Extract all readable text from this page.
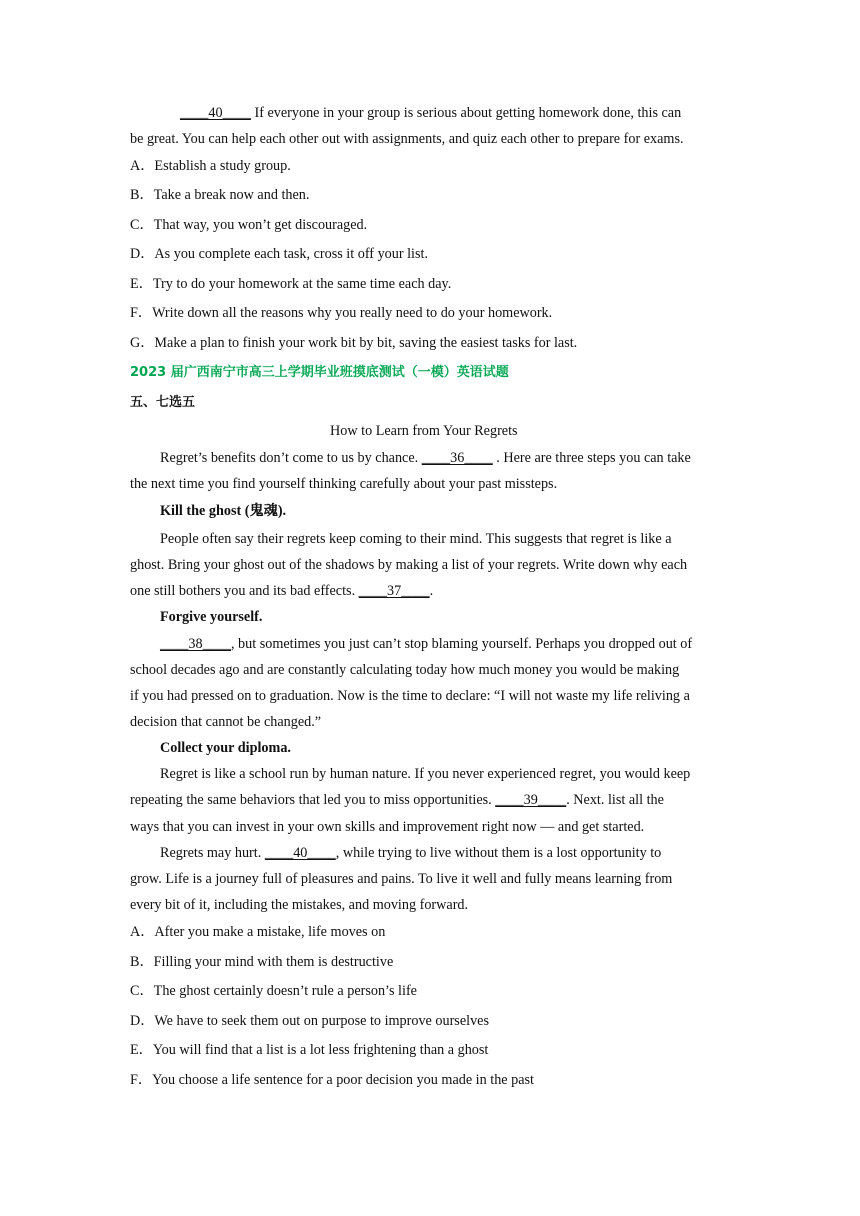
____40____ If everyone in your group is serious about getting homework done, this can
be great. You can help each other out with assignments, and quiz each other to prepare for exams.
A．Establish a study group.
B．Take a break now and then.
C．That way, you won’t get discouraged.
D．As you complete each task, cross it off your list.
E．Try to do your homework at the same time each day.
F．Write down all the reasons why you really need to do your homework.
G．Make a plan to finish your work bit by bit, saving the easiest tasks for last.
2023 届广西南宁市高三上学期毕业班摸底测试（一模）英语试题
五、七选五
How to Learn from Your Regrets
Regret’s benefits don’t come to us by chance. ____36____ . Here are three steps you can take
the next time you find yourself thinking carefully about your past missteps.
Kill the ghost (鬼魂).
People often say their regrets keep coming to their mind. This suggests that regret is like a
ghost. Bring your ghost out of the shadows by making a list of your regrets. Write down why each
one still bothers you and its bad effects. ____37____.
Forgive yourself.
____38____, but sometimes you just can’t stop blaming yourself. Perhaps you dropped out of
school decades ago and are constantly calculating today how much money you would be making
if you had pressed on to graduation. Now is the time to declare: “I will not waste my life reliving a
decision that cannot be changed.”
Collect your diploma.
Regret is like a school run by human nature. If you never experienced regret, you would keep
repeating the same behaviors that led you to miss opportunities. ____39____. Next. list all the
ways that you can invest in your own skills and improvement right now — and get started.
Regrets may hurt. ____40____, while trying to live without them is a lost opportunity to
grow. Life is a journey full of pleasures and pains. To live it well and fully means learning from
every bit of it, including the mistakes, and moving forward.
A．After you make a mistake, life moves on
B．Filling your mind with them is destructive
C．The ghost certainly doesn’t rule a person’s life
D．We have to seek them out on purpose to improve ourselves
E．You will find that a list is a lot less frightening than a ghost
F．You choose a life sentence for a poor decision you made in the past
